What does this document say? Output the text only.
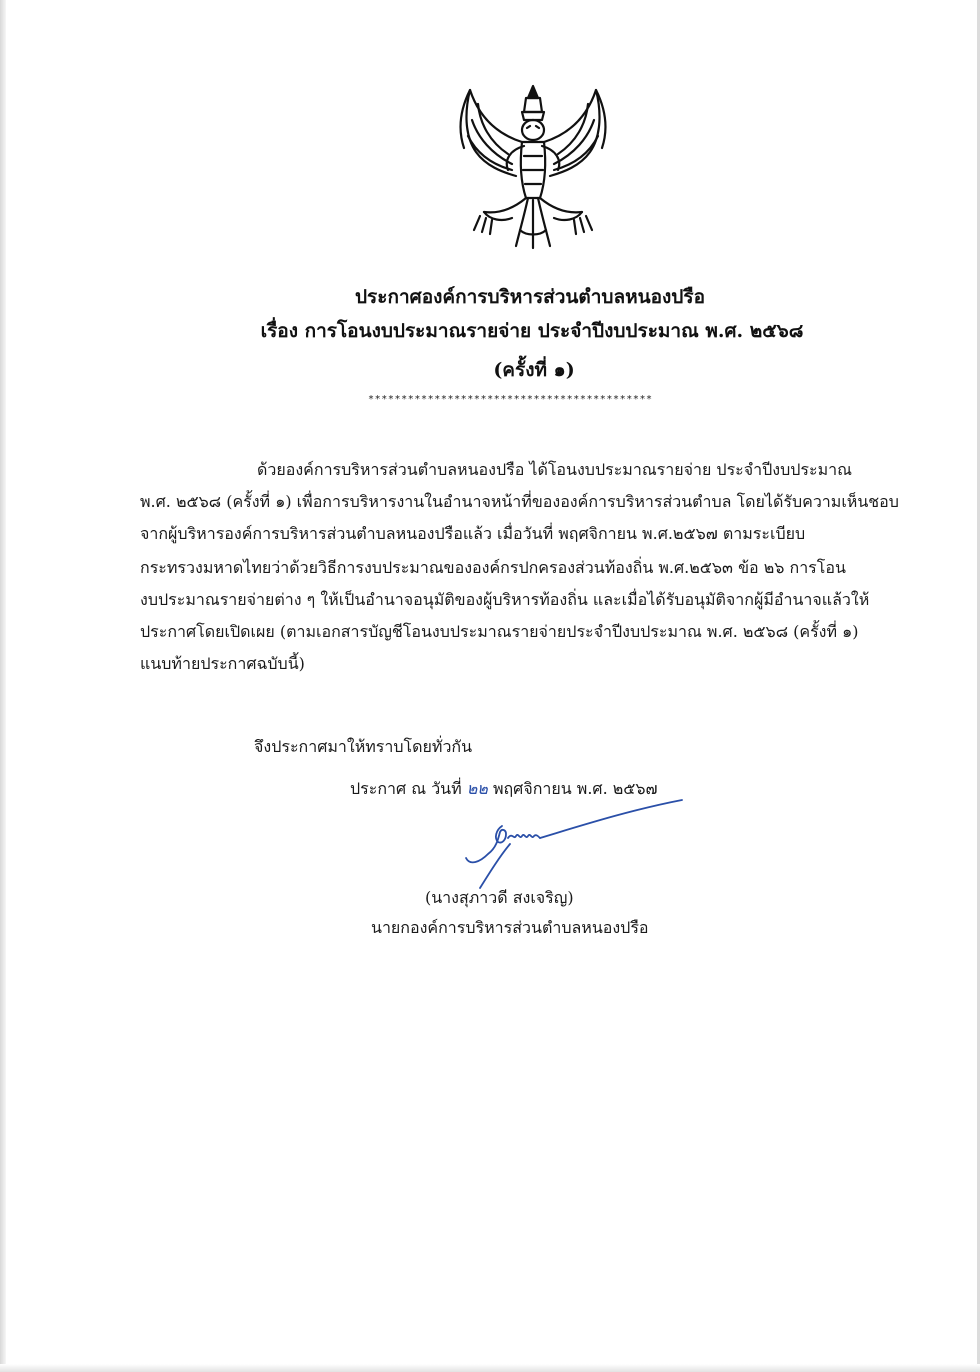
ประกาศองค์การบริหารส่วนตำบลหนองปรือ
เรื่อง การโอนงบประมาณรายจ่าย ประจำปีงบประมาณ พ.ศ. ๒๕๖๘
(ครั้งที่ ๑)
*******************************************
ด้วยองค์การบริหารส่วนตำบลหนองปรือ ได้โอนงบประมาณรายจ่าย ประจำปีงบประมาณ
พ.ศ. ๒๕๖๘ (ครั้งที่ ๑) เพื่อการบริหารงานในอำนาจหน้าที่ขององค์การบริหารส่วนตำบล โดยได้รับความเห็นชอบ
จากผู้บริหารองค์การบริหารส่วนตำบลหนองปรือแล้ว เมื่อวันที่ พฤศจิกายน พ.ศ.๒๕๖๗ ตามระเบียบ
กระทรวงมหาดไทยว่าด้วยวิธีการงบประมาณขององค์กรปกครองส่วนท้องถิ่น พ.ศ.๒๕๖๓ ข้อ ๒๖ การโอน
งบประมาณรายจ่ายต่าง ๆ ให้เป็นอำนาจอนุมัติของผู้บริหารท้องถิ่น และเมื่อได้รับอนุมัติจากผู้มีอำนาจแล้วให้
ประกาศโดยเปิดเผย (ตามเอกสารบัญชีโอนงบประมาณรายจ่ายประจำปีงบประมาณ พ.ศ. ๒๕๖๘ (ครั้งที่ ๑)
แนบท้ายประกาศฉบับนี้)
จึงประกาศมาให้ทราบโดยทั่วกัน
ประกาศ ณ วันที่ ๒๒ พฤศจิกายน พ.ศ. ๒๕๖๗
(นางสุภาวดี สงเจริญ)
นายกองค์การบริหารส่วนตำบลหนองปรือ
